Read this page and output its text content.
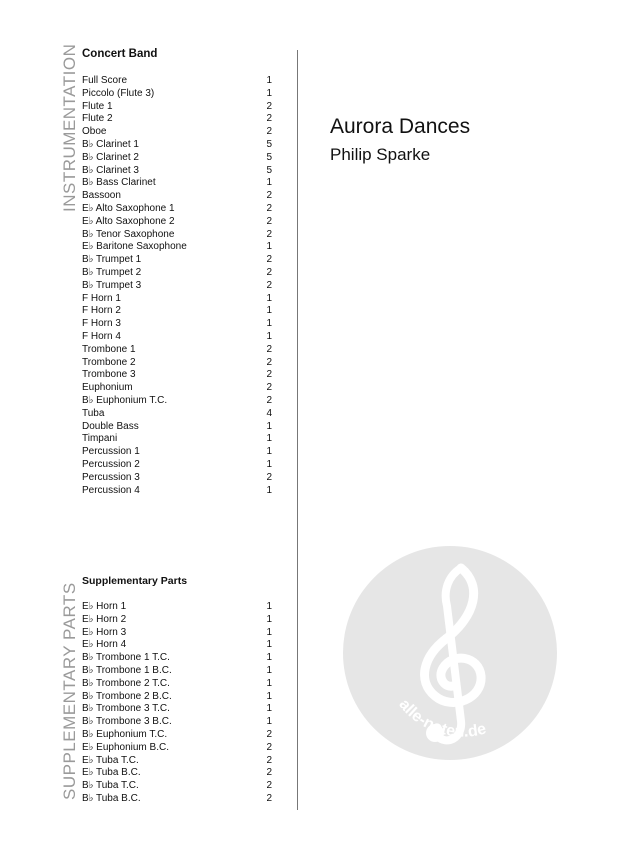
INSTRUMENTATION
SUPPLEMENTARY PARTS
Concert Band
Full Score	1
Piccolo (Flute 3)	1
Flute 1	2
Flute 2	2
Oboe	2
B♭ Clarinet 1	5
B♭ Clarinet 2	5
B♭ Clarinet 3	5
B♭ Bass Clarinet	1
Bassoon	2
E♭ Alto Saxophone 1	2
E♭ Alto Saxophone 2	2
B♭ Tenor Saxophone	2
E♭ Baritone Saxophone	1
B♭ Trumpet 1	2
B♭ Trumpet 2	2
B♭ Trumpet 3	2
F Horn 1	1
F Horn 2	1
F Horn 3	1
F Horn 4	1
Trombone 1	2
Trombone 2	2
Trombone 3	2
Euphonium	2
B♭ Euphonium T.C.	2
Tuba	4
Double Bass	1
Timpani	1
Percussion 1	1
Percussion 2	1
Percussion 3	2
Percussion 4	1
Supplementary Parts
E♭ Horn 1	1
E♭ Horn 2	1
E♭ Horn 3	1
E♭ Horn 4	1
B♭ Trombone 1 T.C.	1
B♭ Trombone 1 B.C.	1
B♭ Trombone 2 T.C.	1
B♭ Trombone 2 B.C.	1
B♭ Trombone 3 T.C.	1
B♭ Trombone 3 B.C.	1
B♭ Euphonium T.C.	2
E♭ Euphonium B.C.	2
E♭ Tuba T.C.	2
E♭ Tuba B.C.	2
B♭ Tuba T.C.	2
B♭ Tuba B.C.	2
Aurora Dances
Philip Sparke
alle-noten.de
